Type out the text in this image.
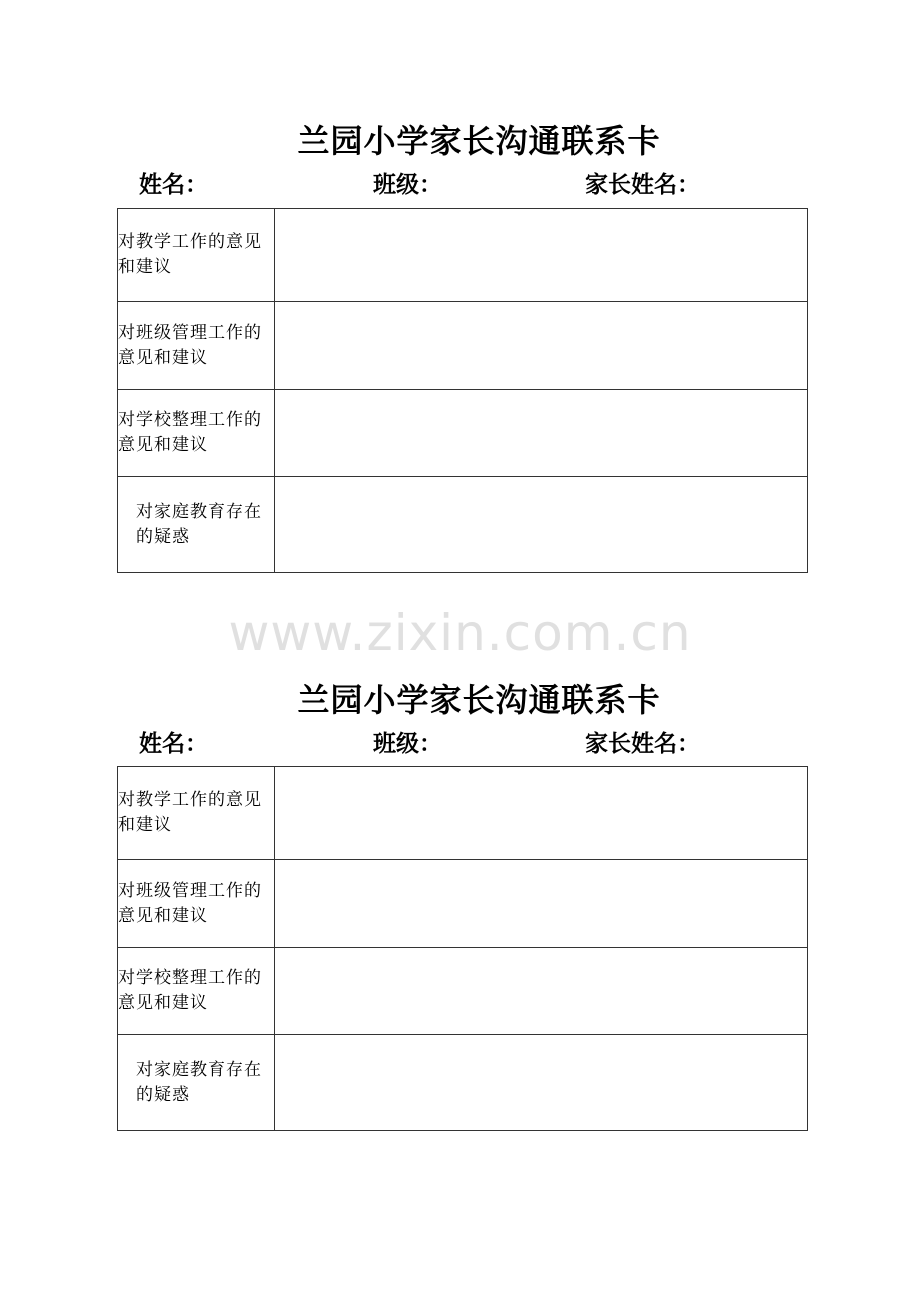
兰园小学家长沟通联系卡
姓名：	班级：	家长姓名：
对教学工作的意见和建议	
对班级管理工作的意见和建议	
对学校整理工作的意见和建议	
对家庭教育存在的疑惑	
www.zixin.com.cn
兰园小学家长沟通联系卡
姓名：	班级：	家长姓名：
对教学工作的意见和建议	
对班级管理工作的意见和建议	
对学校整理工作的意见和建议	
对家庭教育存在的疑惑	
